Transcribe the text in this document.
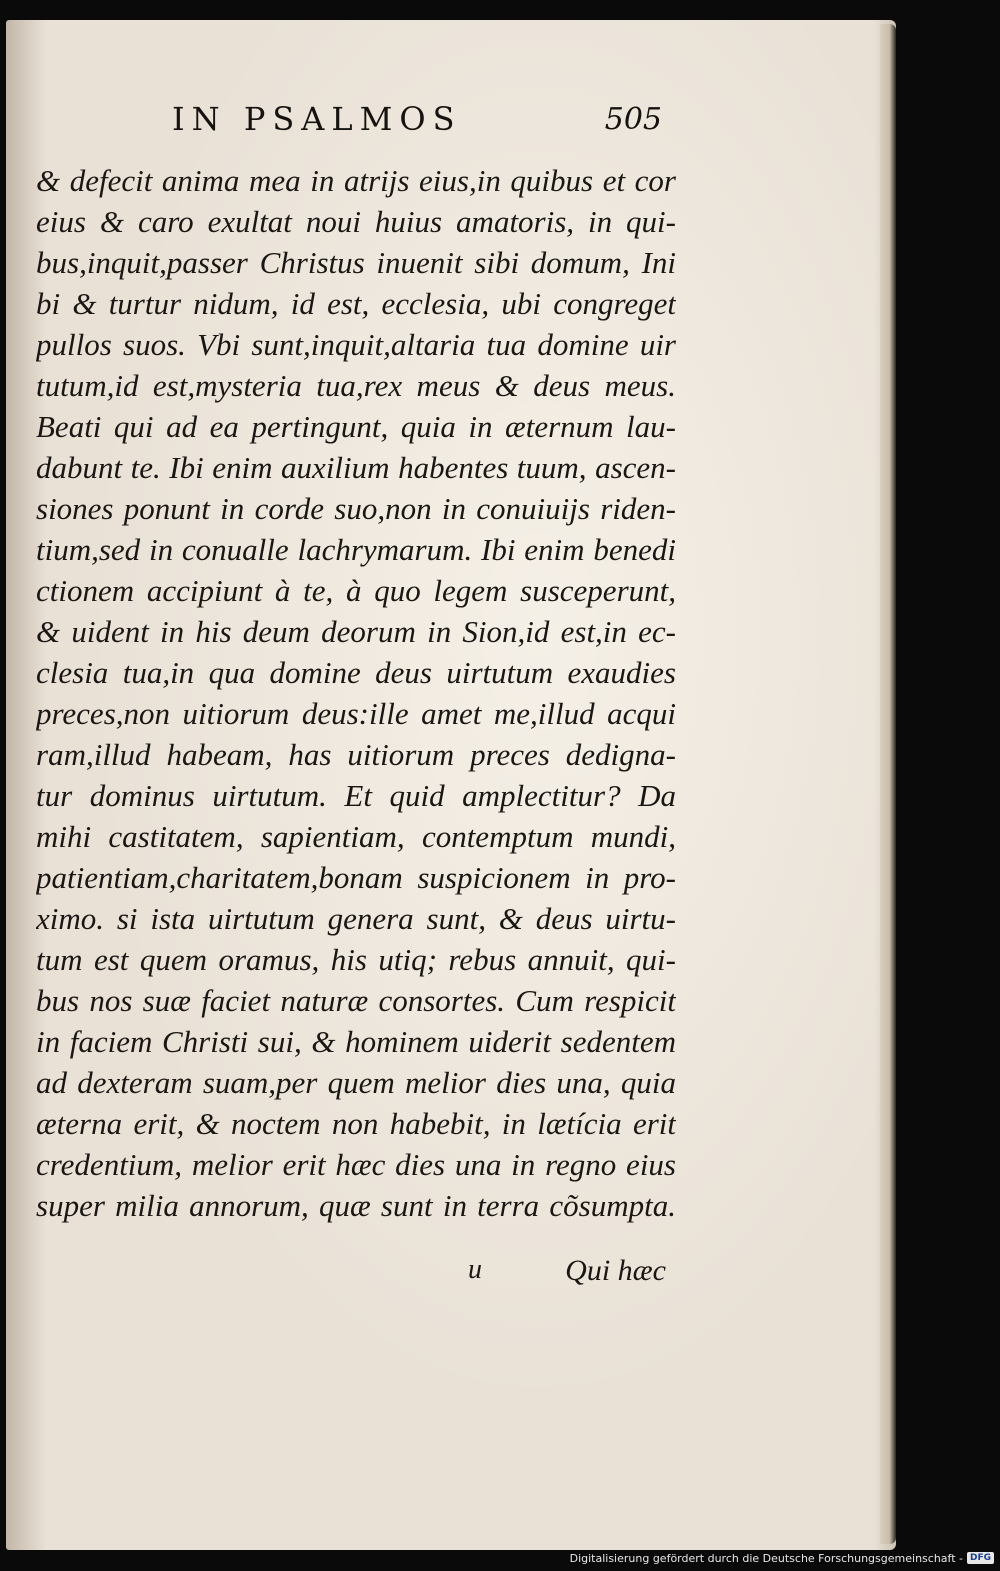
IN PSALMOS	505
& defecit anima mea in atrijs eius,in quibus et cor
eius & caro exultat noui huius amatoris, in qui-
bus,inquit,passer Christus inuenit sibi domum, Ini
bi & turtur nidum, id est, ecclesia, ubi congreget
pullos suos. Vbi sunt,inquit,altaria tua domine uir
tutum,id est,mysteria tua,rex meus & deus meus.
Beati qui ad ea pertingunt, quia in æternum lau-
dabunt te. Ibi enim auxilium habentes tuum, ascen-
siones ponunt in corde suo,non in conuiuijs riden-
tium,sed in conualle lachrymarum. Ibi enim benedi
ctionem accipiunt à te, à quo legem susceperunt,
& uident in his deum deorum in Sion,id est,in ec-
clesia tua,in qua domine deus uirtutum exaudies
preces,non uitiorum deus:ille amet me,illud acqui
ram,illud habeam, has uitiorum preces dedigna-
tur dominus uirtutum. Et quid amplectitur? Da
mihi castitatem, sapientiam, contemptum mundi,
patientiam,charitatem,bonam suspicionem in pro-
ximo. si ista uirtutum genera sunt, & deus uirtu-
tum est quem oramus, his utiq; rebus annuit, qui-
bus nos suæ faciet naturæ consortes. Cum respicit
in faciem Christi sui, & hominem uiderit sedentem
ad dexteram suam,per quem melior dies una, quia
æterna erit, & noctem non habebit, in lætícia erit
credentium, melior erit hæc dies una in regno eius
super milia annorum, quæ sunt in terra cõsumpta.
u	Qui hæc
Digitalisierung gefördert durch die Deutsche Forschungsgemeinschaft - DFG
